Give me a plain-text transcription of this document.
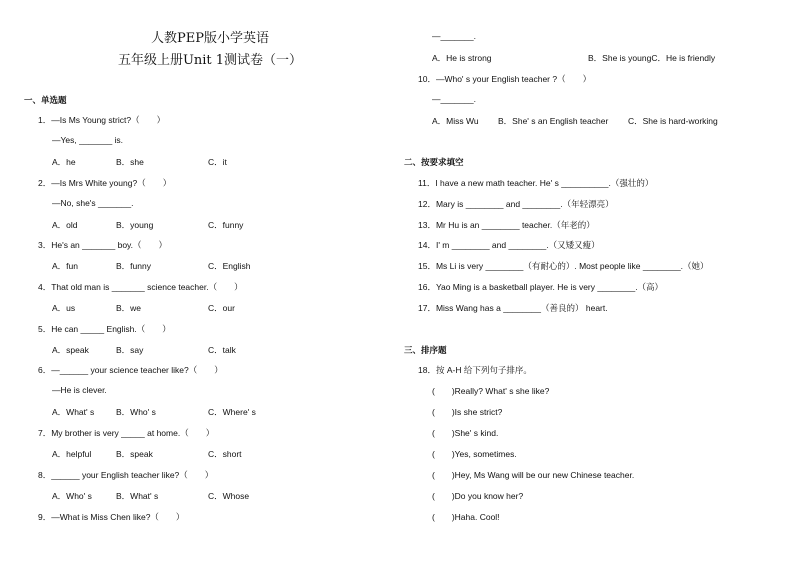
人教PEP版小学英语
五年级上册Unit 1测试卷（一）
一、单选题
1．—Is Ms Young strict?（　　）
—Yes, _______ is.
A．he	B．she	C．it
2．—Is Mrs White young?（　　）
—No, she's _______.
A．old	B．young	C．funny
3．He's an _______ boy.（　　）
A．fun	B．funny	C．English
4．That old man is _______ science teacher.（　　）
A．us	B．we	C．our
5．He can _____ English.（　　）
A．speak	B．say	C．talk
6．—______ your science teacher like?（　　）
—He is clever.
A．What' s	B．Who' s	C．Where' s
7．My brother is very _____ at home.（　　）
A．helpful	B．speak	C．short
8．______ your English teacher like?（　　）
A．Who' s	B．What' s	C．Whose
9．—What is Miss Chen like?（　　）
—_______.
A．He is strong	B．She is youngC．He is friendly
10．—Who' s your English teacher ?（　　）
—_______.
A．Miss Wu B．She' s an English teacher C．She is hard-working
二、按要求填空
11．I have a new math teacher. He' s __________.（强壮的）
12．Mary is ________ and ________.（年轻漂亮）
13．Mr Hu is an ________ teacher.（年老的）
14．I' m ________ and ________.（又矮又瘦）
15．Ms Li is very ________（有耐心的）. Most people like ________.（她）
16．Yao Ming is a basketball player. He is very ________.（高）
17．Miss Wang has a ________（善良的） heart.
三、排序题
18．按 A-H 给下列句子排序。
(　　)Really? What' s she like?
(　　)Is she strict?
(　　)She' s kind.
(　　)Yes, sometimes.
(　　)Hey, Ms Wang will be our new Chinese teacher.
(　　)Do you know her?
(　　)Haha. Cool!
